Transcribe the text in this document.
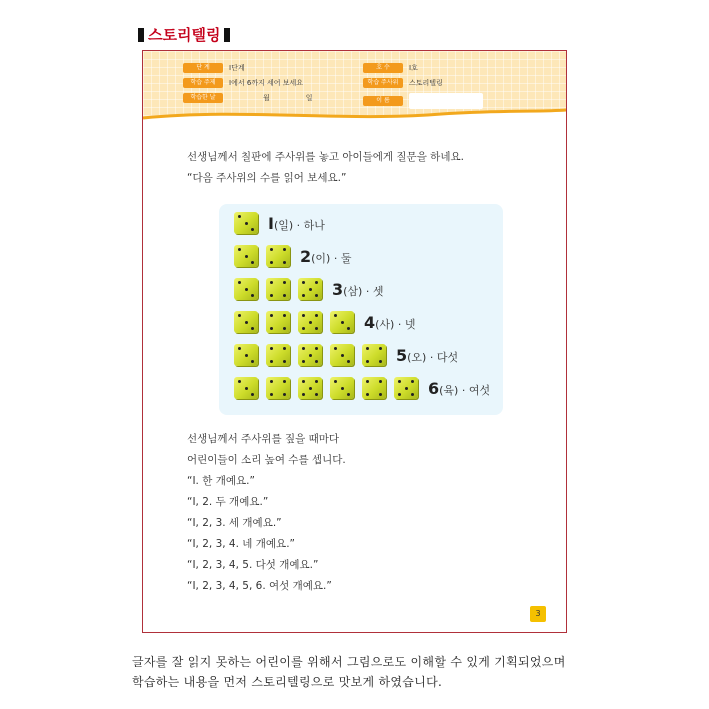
스토리텔링
단 계	I단계
학습 주제	I에서 6까지 세어 보세요
학습한 날	월	일
호 수	I호
학습 주사위	스토리텔링
이 름
선생님께서 칠판에 주사위를 놓고 아이들에게 질문을 하네요.
“다음 주사위의 수를 읽어 보세요.”
I(일) · 하나
2(이) · 둘
3(삼) · 셋
4(사) · 넷
5(오) · 다섯
6(육) · 여섯
선생님께서 주사위를 짚을 때마다
어린이들이 소리 높여 수를 셉니다.
“I. 한 개예요.”
“I, 2. 두 개예요.”
“I, 2, 3. 세 개예요.”
“I, 2, 3, 4. 네 개예요.”
“I, 2, 3, 4, 5. 다섯 개예요.”
“I, 2, 3, 4, 5, 6. 여섯 개예요.”
3
글자를 잘 읽지 못하는 어린이를 위해서 그림으로도 이해할 수 있게 기획되었으며
학습하는 내용을 먼저 스토리텔링으로 맛보게 하였습니다.
